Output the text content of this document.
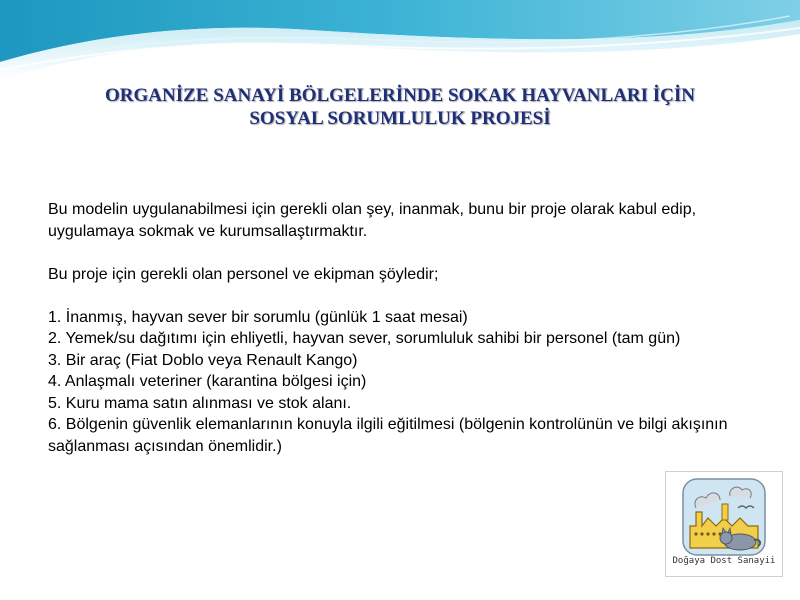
ORGANİZE SANAYİ BÖLGELERİNDE SOKAK HAYVANLARI İÇİN
SOSYAL SORUMLULUK PROJESİ

Bu modelin uygulanabilmesi için gerekli olan şey, inanmak, bunu bir proje olarak kabul edip, uygulamaya sokmak ve kurumsallaştırmaktır.

Bu proje için gerekli olan personel ve ekipman şöyledir;

1. İnanmış, hayvan sever bir sorumlu (günlük 1 saat mesai)

2. Yemek/su dağıtımı için ehliyetli, hayvan sever, sorumluluk sahibi bir personel (tam gün)

3. Bir araç (Fiat Doblo veya Renault Kango)

4. Anlaşmalı veteriner (karantina bölgesi için)

5. Kuru mama satın alınması ve stok alanı.

6. Bölgenin güvenlik elemanlarının konuyla ilgili eğitilmesi (bölgenin kontrolünün ve bilgi akışının sağlanması açısından önemlidir.)

Doğaya Dost Sanayii
